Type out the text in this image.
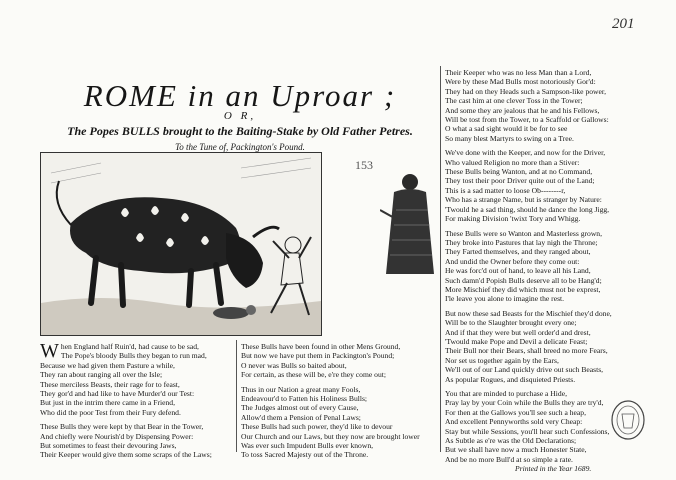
201
ROME in an Uproar ;
O R,
The Popes BULLS brought to the Baiting-Stake by Old Father Petres.
To the Tune of, Packington's Pound.
153
When England half Ruin'd, had cause to be sad,
The Pope's bloody Bulls they began to run mad,
Because we had given them Pasture a while,
They ran about ranging all over the Isle;
These merciless Beasts, their rage for to feast,
They gor'd and had like to have Murder'd our Test:
But just in the intrim there came in a Friend,
Who did the poor Test from their Fury defend.
These Bulls they were kept by that Bear in the Tower,
And chiefly were Nourish'd by Dispensing Power:
But sometimes to feast their devouring Jaws,
Their Keeper would give them some scraps of the Laws;
These Bulls have been found in other Mens Ground,
But now we have put them in Packington's Pound;
O never was Bulls so baited about,
For certain, as these will be, e're they come out;
Thus in our Nation a great many Fools,
Endeavour'd to Fatten his Holiness Bulls;
The Judges almost out of every Cause,
Allow'd them a Pension of Penal Laws;
These Bulls had such power, they'd like to devour
Our Church and our Laws, but they now are brought lower
Was ever such Impudent Bulls ever known,
To toss Sacred Majesty out of the Throne.
Their Keeper who was no less Man than a Lord,
Were by these Mad Bulls most notoriously Gor'd:
They had on they Heads such a Sampson-like power,
The cast him at one clever Toss in the Tower;
And some they are jealous that he and his Fellows,
Will be tost from the Tower, to a Scaffold or Gallows:
O what a sad sight would it be for to see
So many blest Martyrs to swing on a Tree.
We've done with the Keeper, and now for the Driver,
Who valued Religion no more than a Stiver:
These Bulls being Wanton, and at no Command,
They tost their poor Driver quite out of the Land;
This is a sad matter to loose Ob--------r,
Who has a strange Name, but is stranger by Nature:
'Twould he a sad thing, should he dance the long Jigg,
For making Division 'twixt Tory and Whigg.
These Bulls were so Wanton and Masterless grown,
They broke into Pastures that lay nigh the Throne;
They Farted themselves, and they ranged about,
And undid the Owner before they come out:
He was forc'd out of hand, to leave all his Land,
Such damn'd Popish Bulls deserve all to be Hang'd;
More Mischief they did which must not be exprest,
I'le leave you alone to imagine the rest.
But now these sad Beasts for the Mischief they'd done,
Will be to the Slaughter brought every one;
And if that they were but well order'd and drest,
'Twould make Pope and Devil a delicate Feast;
Their Bull nor their Bears, shall breed no more Fears,
Nor set us together again by the Ears,
We'll out of our Land quickly drive out such Beasts,
As popular Rogues, and disquieted Priests.
You that are minded to purchase a Hide,
Pray lay by your Coin while the Bulls they are try'd,
For then at the Gallows you'll see such a heap,
And excellent Pennyworths sold very Cheap:
Stay but while Sessions, you'll hear such Confessions,
As Subtle as e're was the Old Declarations;
But we shall have now a much Honester State,
And be no more Bull'd at so simple a rate.
Printed in the Year 1689.
